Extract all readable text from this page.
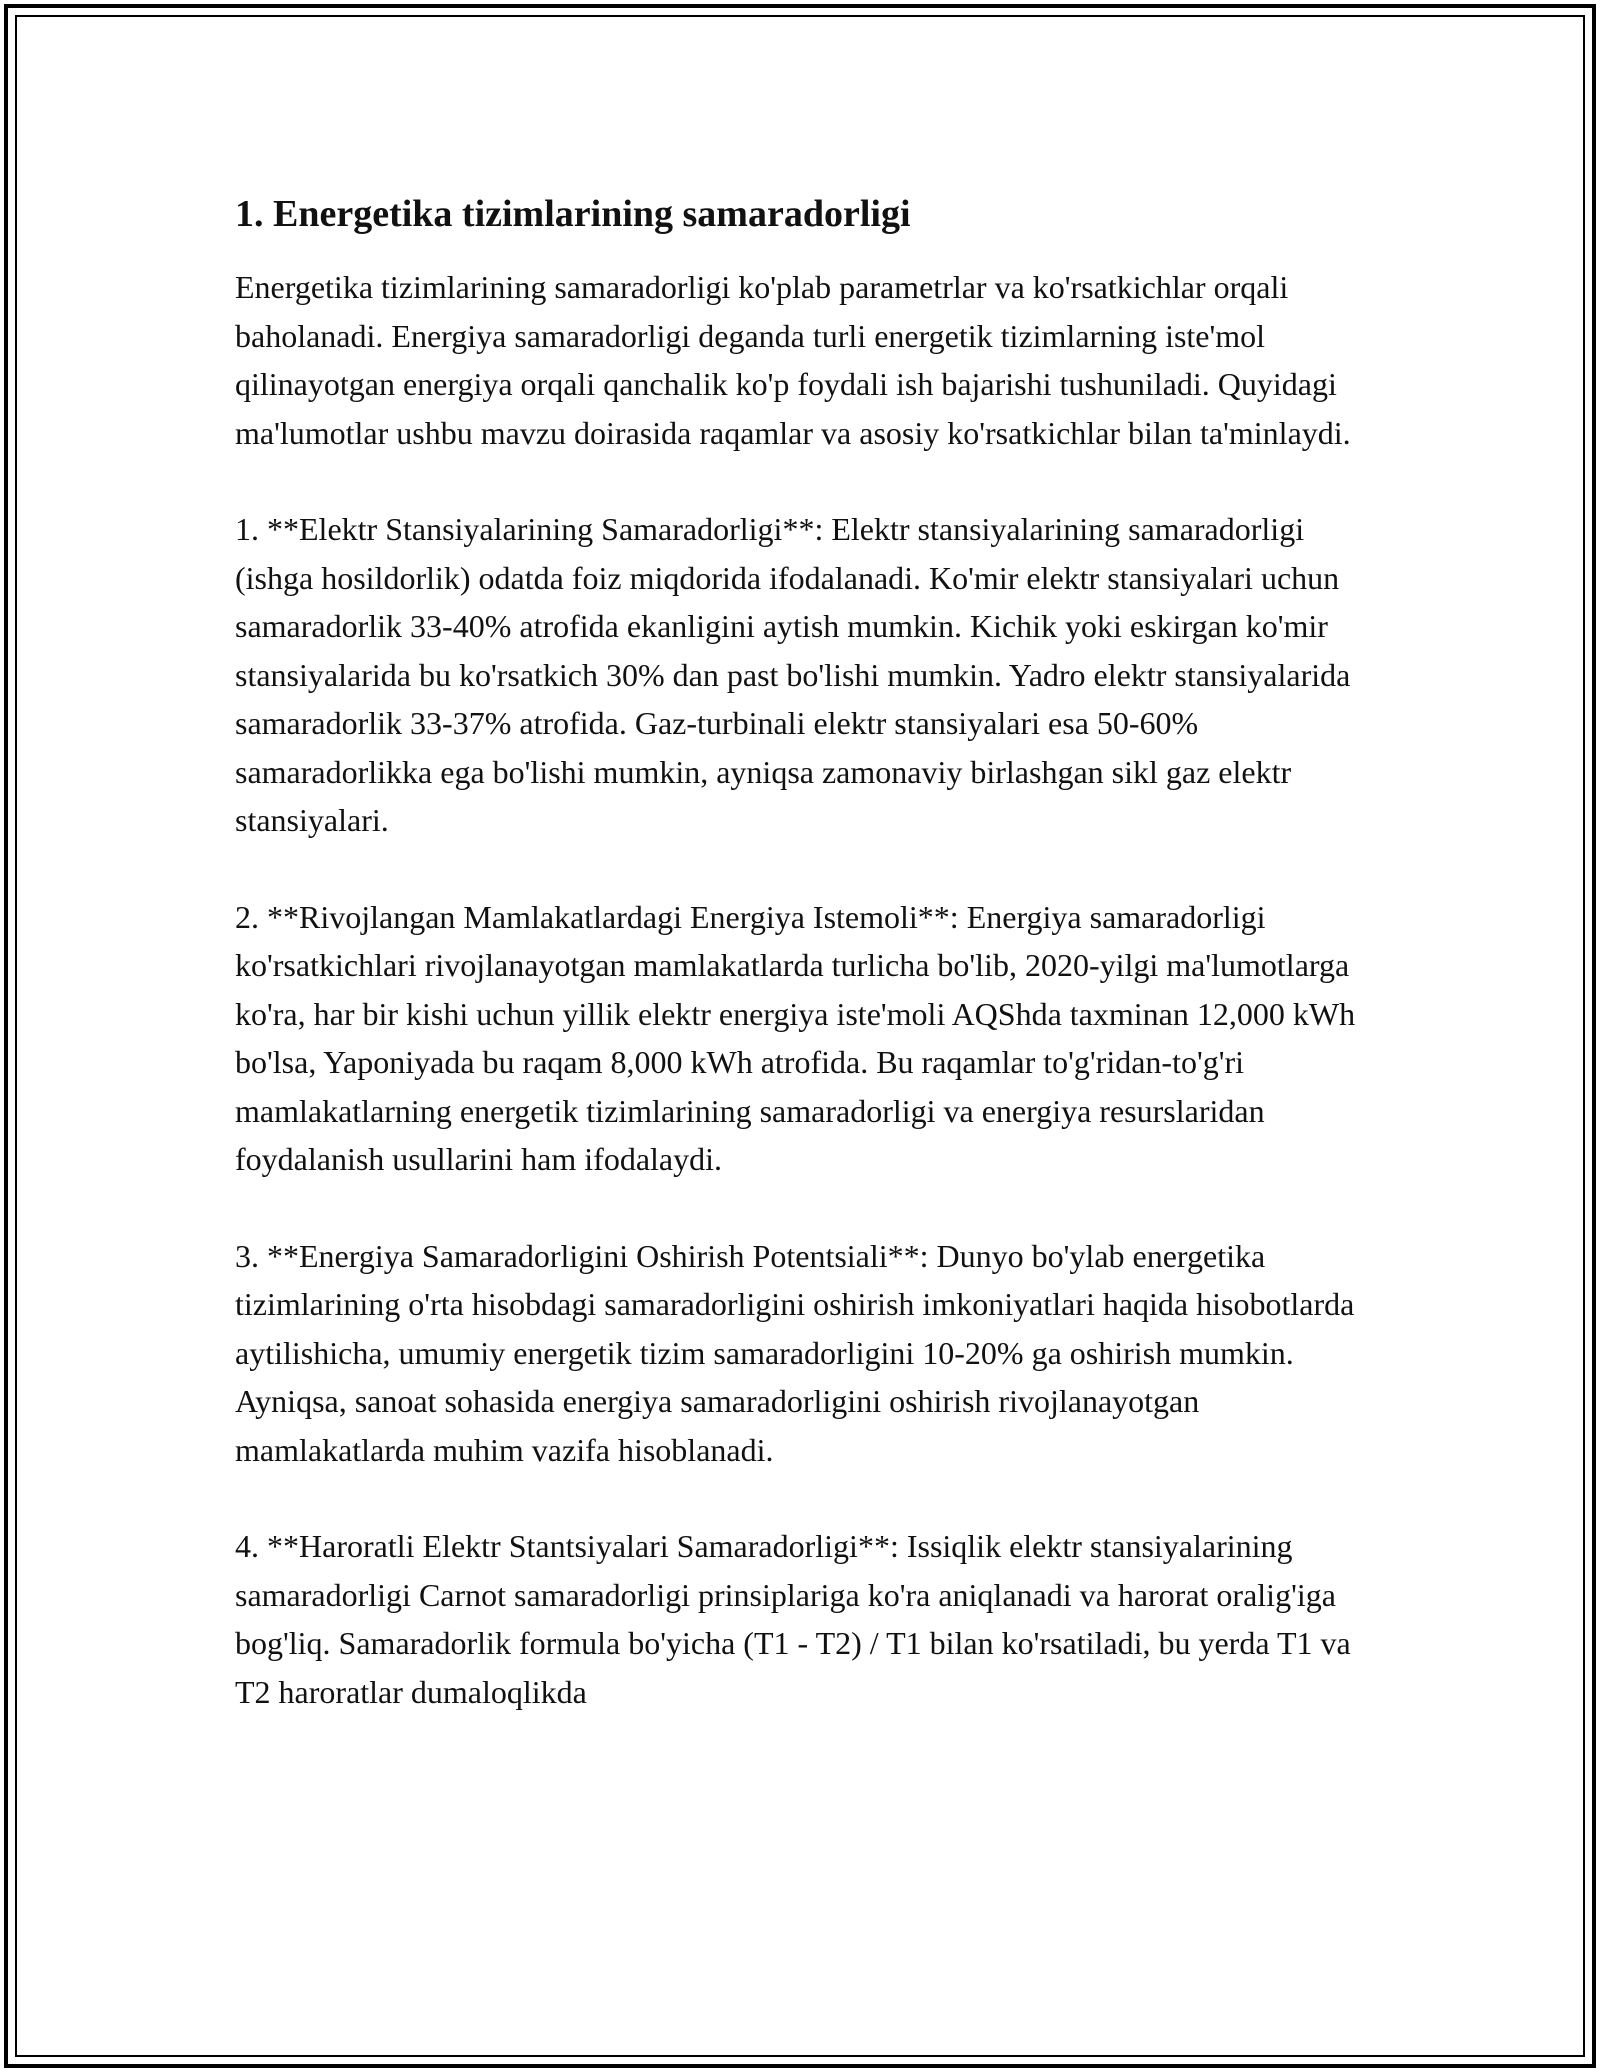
1. Energetika tizimlarining samaradorligi

Energetika tizimlarining samaradorligi ko'plab parametrlar va ko'rsatkichlar orqali baholanadi. Energiya samaradorligi deganda turli energetik tizimlarning iste'mol qilinayotgan energiya orqali qanchalik ko'p foydali ish bajarishi tushuniladi. Quyidagi ma'lumotlar ushbu mavzu doirasida raqamlar va asosiy ko'rsatkichlar bilan ta'minlaydi.

1. **Elektr Stansiyalarining Samaradorligi**: Elektr stansiyalarining samaradorligi (ishga hosildorlik) odatda foiz miqdorida ifodalanadi. Ko'mir elektr stansiyalari uchun samaradorlik 33-40% atrofida ekanligini aytish mumkin. Kichik yoki eskirgan ko'mir stansiyalarida bu ko'rsatkich 30% dan past bo'lishi mumkin. Yadro elektr stansiyalarida samaradorlik 33-37% atrofida. Gaz-turbinali elektr stansiyalari esa 50-60% samaradorlikka ega bo'lishi mumkin, ayniqsa zamonaviy birlashgan sikl gaz elektr stansiyalari.

2. **Rivojlangan Mamlakatlardagi Energiya Istemoli**: Energiya samaradorligi ko'rsatkichlari rivojlanayotgan mamlakatlarda turlicha bo'lib, 2020-yilgi ma'lumotlarga ko'ra, har bir kishi uchun yillik elektr energiya iste'moli AQShda taxminan 12,000 kWh bo'lsa, Yaponiyada bu raqam 8,000 kWh atrofida. Bu raqamlar to'g'ridan-to'g'ri mamlakatlarning energetik tizimlarining samaradorligi va energiya resurslaridan foydalanish usullarini ham ifodalaydi.

3. **Energiya Samaradorligini Oshirish Potentsiali**: Dunyo bo'ylab energetika tizimlarining o'rta hisobdagi samaradorligini oshirish imkoniyatlari haqida hisobotlarda aytilishicha, umumiy energetik tizim samaradorligini 10-20% ga oshirish mumkin. Ayniqsa, sanoat sohasida energiya samaradorligini oshirish rivojlanayotgan mamlakatlarda muhim vazifa hisoblanadi.

4. **Haroratli Elektr Stantsiyalari Samaradorligi**: Issiqlik elektr stansiyalarining samaradorligi Carnot samaradorligi prinsiplariga ko'ra aniqlanadi va harorat oralig'iga bog'liq. Samaradorlik formula bo'yicha (T1 - T2) / T1 bilan ko'rsatiladi, bu yerda T1 va T2 haroratlar dumaloqlikda
